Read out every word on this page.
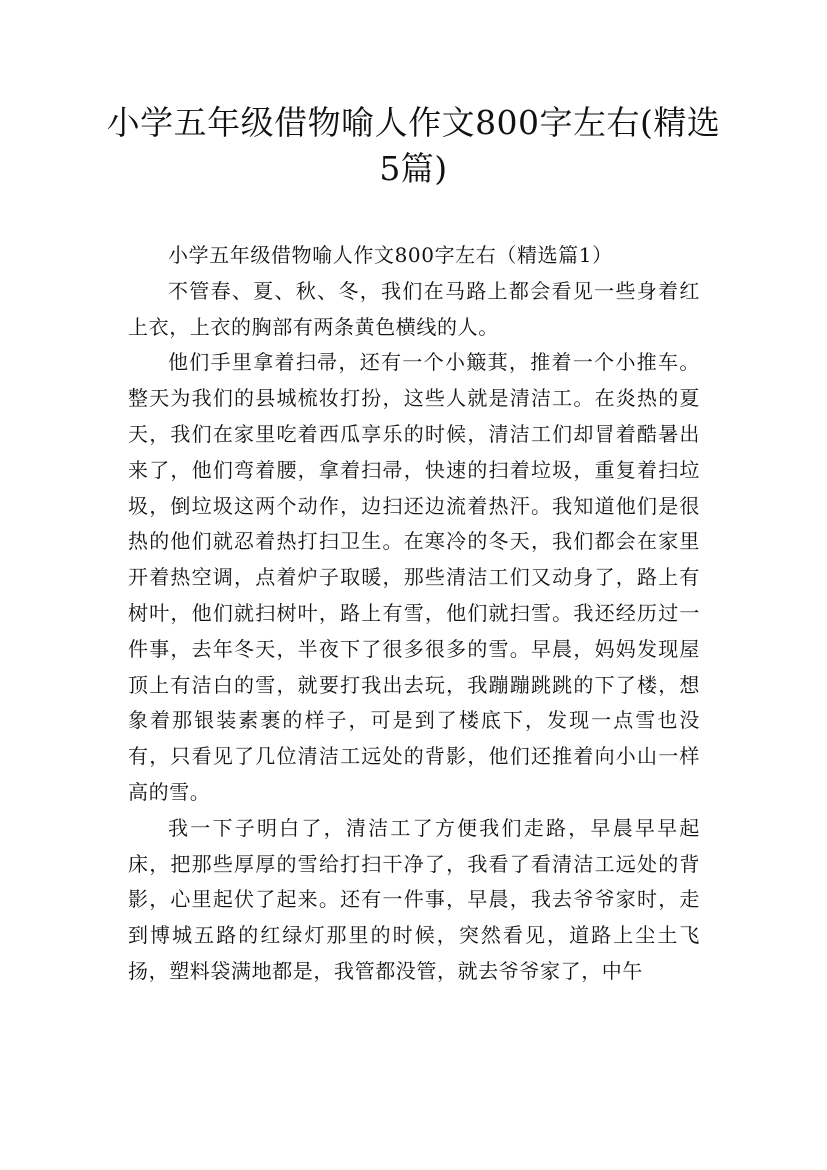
小学五年级借物喻人作文800字左右(精选5篇)

小学五年级借物喻人作文800字左右（精选篇1）

不管春、夏、秋、冬，我们在马路上都会看见一些身着红上衣，上衣的胸部有两条黄色横线的人。

他们手里拿着扫帚，还有一个小簸萁，推着一个小推车。整天为我们的县城梳妆打扮，这些人就是清洁工。在炎热的夏天，我们在家里吃着西瓜享乐的时候，清洁工们却冒着酷暑出来了，他们弯着腰，拿着扫帚，快速的扫着垃圾，重复着扫垃圾，倒垃圾这两个动作，边扫还边流着热汗。我知道他们是很热的他们就忍着热打扫卫生。在寒冷的冬天，我们都会在家里开着热空调，点着炉子取暖，那些清洁工们又动身了，路上有树叶，他们就扫树叶，路上有雪，他们就扫雪。我还经历过一件事，去年冬天，半夜下了很多很多的雪。早晨，妈妈发现屋顶上有洁白的雪，就要打我出去玩，我蹦蹦跳跳的下了楼，想象着那银装素裹的样子，可是到了楼底下，发现一点雪也没有，只看见了几位清洁工远处的背影，他们还推着向小山一样高的雪。

我一下子明白了，清洁工了方便我们走路，早晨早早起床，把那些厚厚的雪给打扫干净了，我看了看清洁工远处的背影，心里起伏了起来。还有一件事，早晨，我去爷爷家时，走到博城五路的红绿灯那里的时候，突然看见，道路上尘土飞扬，塑料袋满地都是，我管都没管，就去爷爷家了，中午
